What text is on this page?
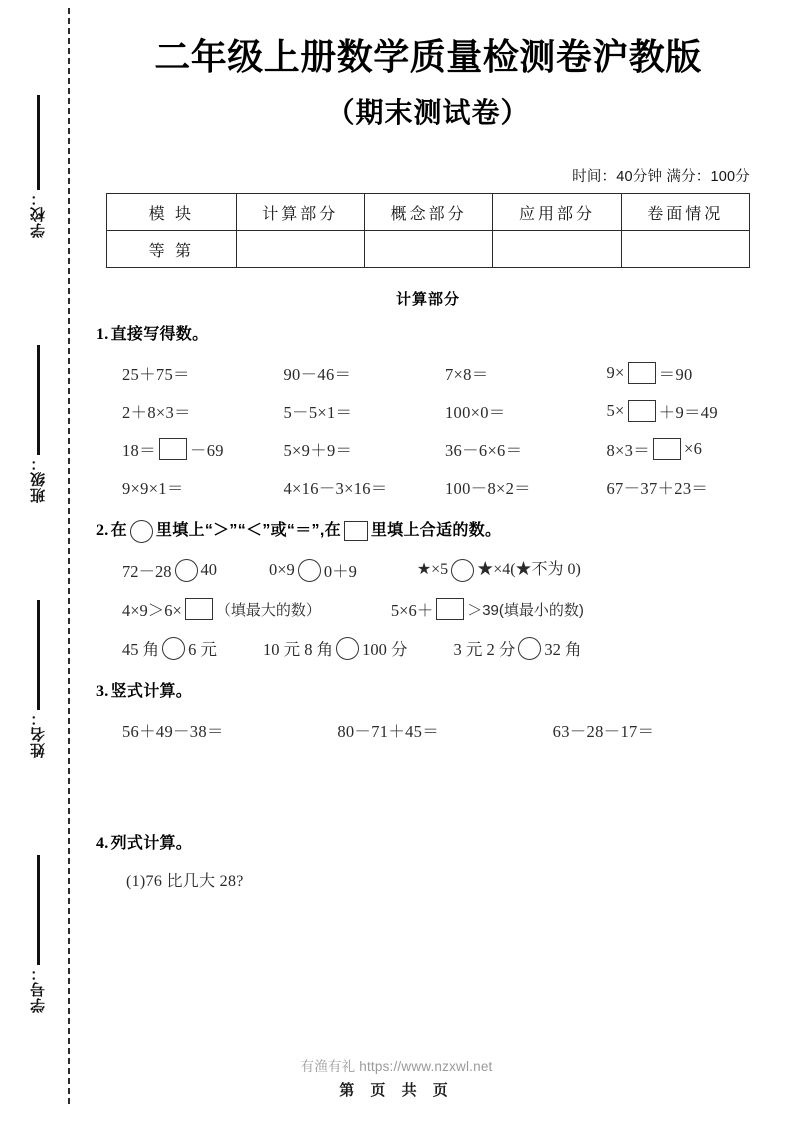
学校：
班级：
姓名：
学号：
二年级上册数学质量检测卷沪教版
（期末测试卷）

时间：40分钟 满分：100分

模 块	计算部分	概念部分	应用部分	卷面情况
等 第				
计算部分
1. 直接写得数。
25＋75＝	90－46＝	7×8＝	9× ＝90
2＋8×3＝	5－5×1＝	100×0＝	5× ＋9＝49
18＝ －69	5×9＋9＝	36－6×6＝	8×3＝ ×6
9×9×1＝	4×16－3×16＝	100－8×2＝	67－37＋23＝
2. 在 里填上“＞”“＜”或“＝”,在 里填上合适的数。
72－28 40	0×9 0＋9	★×5 ★×4(★不为 0)
4×9＞6× （填最大的数）	5×6＋ ＞39(填最小的数)
45 角 6 元	10 元 8 角 100 分	3 元 2 分 32 角
3. 竖式计算。
56＋49－38＝	80－71＋45＝	63－28－17＝
4. 列式计算。
(1)76 比几大 28?
有渔有礼 https://www.nzxwl.net
第 页 共 页
